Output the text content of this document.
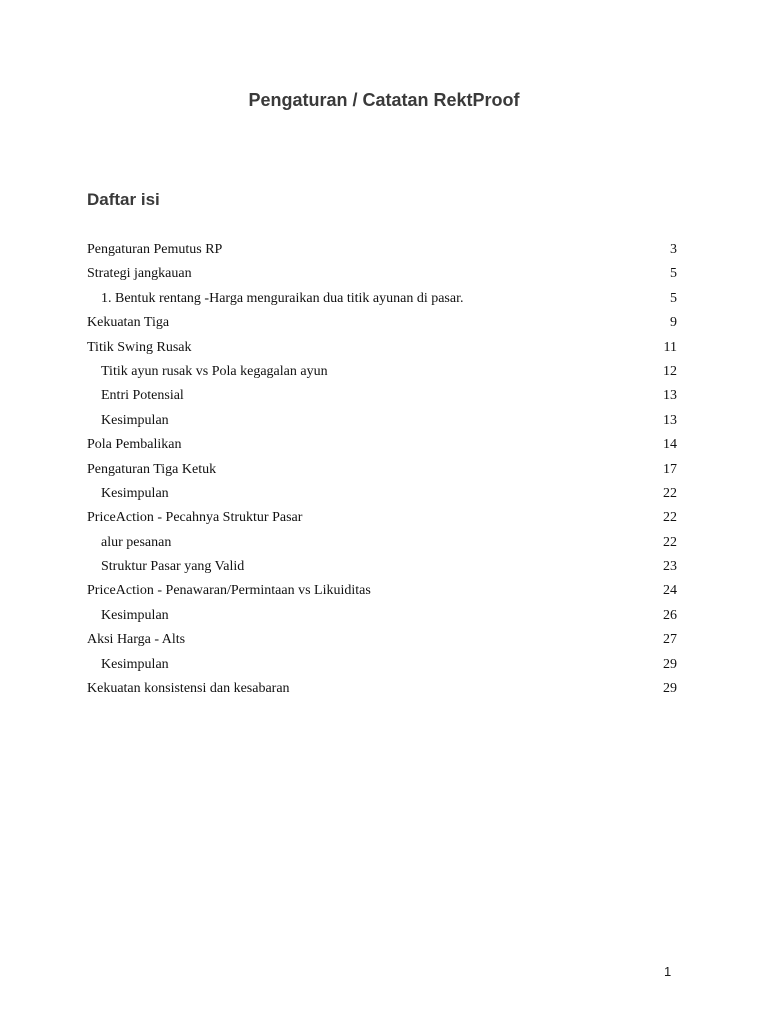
Pengaturan / Catatan RektProof
Daftar isi
Pengaturan Pemutus RP	3
Strategi jangkauan	5
1. Bentuk rentang -Harga menguraikan dua titik ayunan di pasar.	5
Kekuatan Tiga	9
Titik Swing Rusak	11
Titik ayun rusak vs Pola kegagalan ayun	12
Entri Potensial	13
Kesimpulan	13
Pola Pembalikan	14
Pengaturan Tiga Ketuk	17
Kesimpulan	22
PriceAction - Pecahnya Struktur Pasar	22
alur pesanan	22
Struktur Pasar yang Valid	23
PriceAction - Penawaran/Permintaan vs Likuiditas	24
Kesimpulan	26
Aksi Harga - Alts	27
Kesimpulan	29
Kekuatan konsistensi dan kesabaran	29
1
